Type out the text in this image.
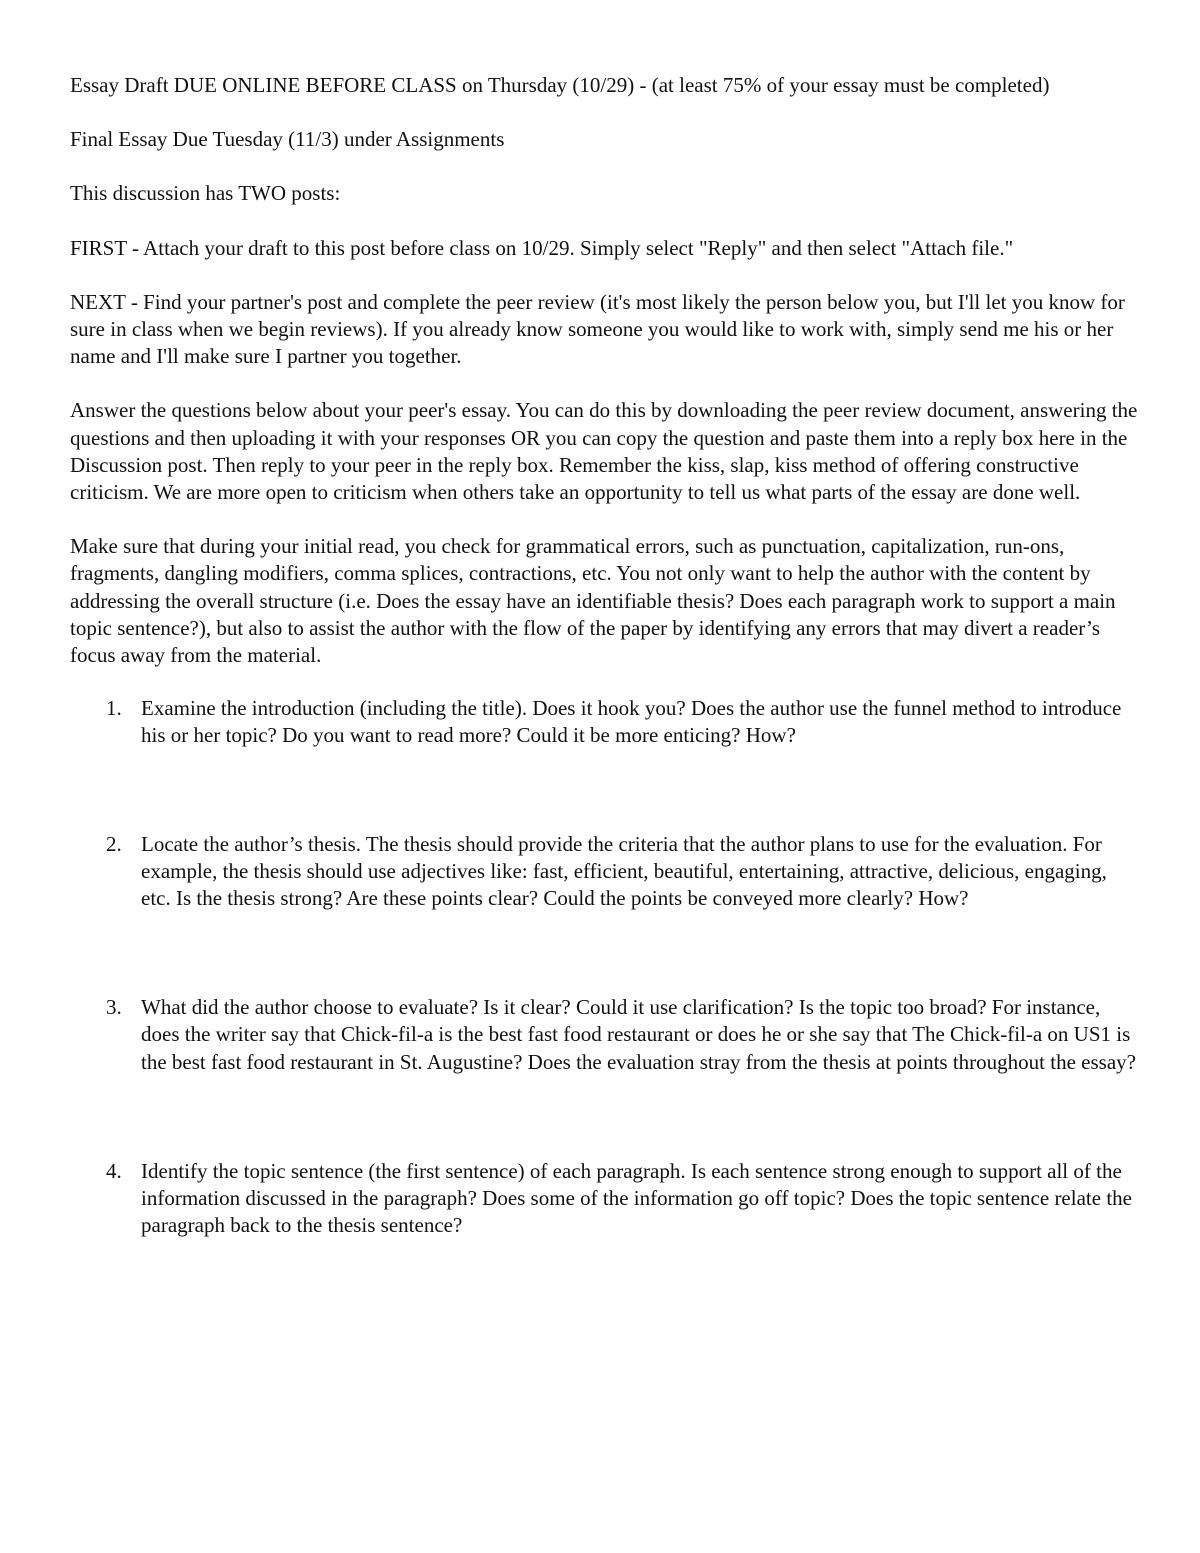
Essay Draft DUE ONLINE BEFORE CLASS on Thursday (10/29) - (at least 75% of your essay must be completed)

Final Essay Due Tuesday (11/3) under Assignments

This discussion has TWO posts:

FIRST - Attach your draft to this post before class on 10/29. Simply select "Reply" and then select "Attach file."

NEXT - Find your partner's post and complete the peer review (it's most likely the person below you, but I'll let you know for sure in class when we begin reviews). If you already know someone you would like to work with, simply send me his or her name and I'll make sure I partner you together.

Answer the questions below about your peer's essay. You can do this by downloading the peer review document, answering the questions and then uploading it with your responses OR you can copy the question and paste them into a reply box here in the Discussion post. Then reply to your peer in the reply box. Remember the kiss, slap, kiss method of offering constructive criticism. We are more open to criticism when others take an opportunity to tell us what parts of the essay are done well.

Make sure that during your initial read, you check for grammatical errors, such as punctuation, capitalization, run-ons, fragments, dangling modifiers, comma splices, contractions, etc. You not only want to help the author with the content by addressing the overall structure (i.e. Does the essay have an identifiable thesis? Does each paragraph work to support a main topic sentence?), but also to assist the author with the flow of the paper by identifying any errors that may divert a reader’s focus away from the material.

1. Examine the introduction (including the title). Does it hook you? Does the author use the funnel method to introduce his or her topic? Do you want to read more? Could it be more enticing? How?
2. Locate the author’s thesis. The thesis should provide the criteria that the author plans to use for the evaluation. For example, the thesis should use adjectives like: fast, efficient, beautiful, entertaining, attractive, delicious, engaging, etc. Is the thesis strong? Are these points clear? Could the points be conveyed more clearly? How?
3. What did the author choose to evaluate? Is it clear? Could it use clarification? Is the topic too broad? For instance, does the writer say that Chick-fil-a is the best fast food restaurant or does he or she say that The Chick-fil-a on US1 is the best fast food restaurant in St. Augustine? Does the evaluation stray from the thesis at points throughout the essay?
4. Identify the topic sentence (the first sentence) of each paragraph. Is each sentence strong enough to support all of the information discussed in the paragraph? Does some of the information go off topic? Does the topic sentence relate the paragraph back to the thesis sentence?
